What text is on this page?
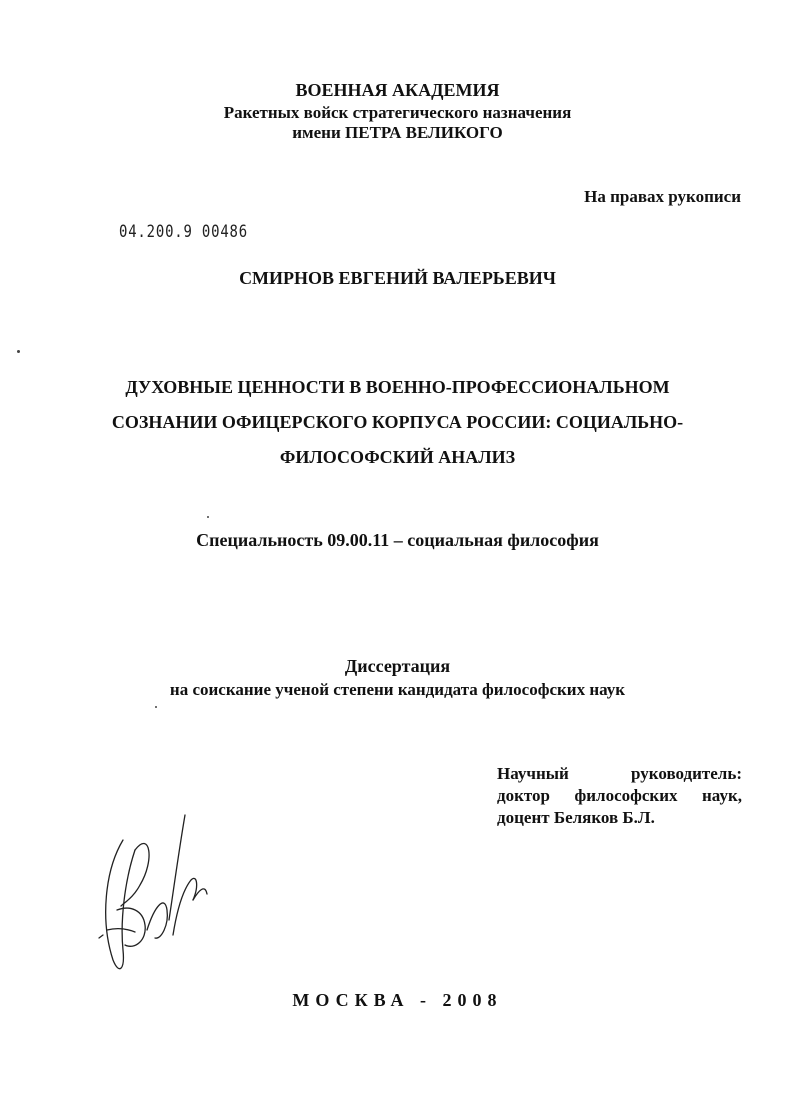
ВОЕННАЯ АКАДЕМИЯ
Ракетных войск стратегического назначения
имени ПЕТРА ВЕЛИКОГО
На правах рукописи
04.200.9 00486
СМИРНОВ ЕВГЕНИЙ ВАЛЕРЬЕВИЧ
ДУХОВНЫЕ ЦЕННОСТИ В ВОЕННО-ПРОФЕССИОНАЛЬНОМ
СОЗНАНИИ ОФИЦЕРСКОГО КОРПУСА РОССИИ: СОЦИАЛЬНО-
ФИЛОСОФСКИЙ АНАЛИЗ
Специальность 09.00.11 – социальная философия
Диссертация
на соискание ученой степени кандидата философских наук
Научный руководитель:
доктор философских наук,
доцент Беляков Б.Л.
МОСКВА - 2008
